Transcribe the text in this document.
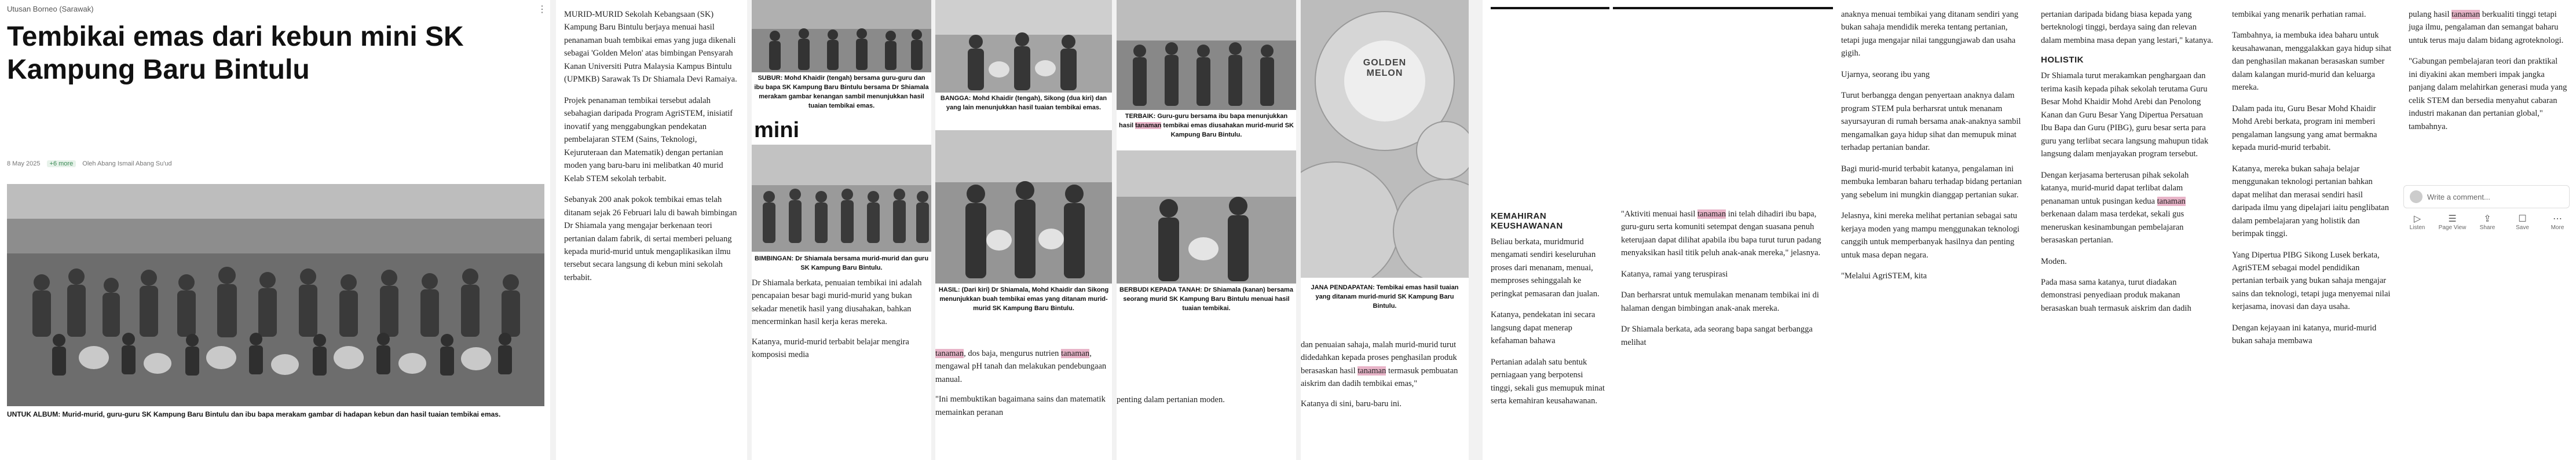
Utusan Borneo (Sarawak)	⋮
Tembikai emas dari kebun mini SK Kampung Baru Bintulu
8 May 2025 +6 more Oleh Abang Ismail Abang Su'ud
UNTUK ALBUM: Murid-murid, guru-guru SK Kampung Baru Bintulu dan ibu bapa merakam gambar di hadapan kebun dan hasil tuaian tembikai emas.

MURID-MURID Sekolah Kebangsaan (SK) Kampung Baru Bintulu berjaya menuai hasil penanaman buah tembikai emas yang juga dikenali sebagai 'Golden Melon' atas bimbingan Pensyarah Kanan Universiti Putra Malaysia Kampus Bintulu (UPMKB) Sarawak Ts Dr Shiamala Devi Ramaiya.

Projek penanaman tembikai tersebut adalah sebahagian daripada Program AgriSTEM, inisiatif inovatif yang menggabungkan pendekatan pembelajaran STEM (Sains, Teknologi, Kejuruteraan dan Matematik) dengan pertanian moden yang baru-baru ini melibatkan 40 murid Kelab STEM sekolah terbabit.

Sebanyak 200 anak pokok tembikai emas telah ditanam sejak 26 Februari lalu di bawah bimbingan Dr Shiamala yang mengajar berkenaan teori pertanian dalam fabrik, di sertai memberi peluang kepada murid-murid untuk mengaplikasikan ilmu tersebut secara langsung di kebun mini sekolah terbabit.

SUBUR: Mohd Khaidir (tengah) bersama guru-guru dan ibu bapa SK Kampung Baru Bintulu bersama Dr Shiamala merakam gambar kenangan sambil menunjukkan hasil tuaian tembikai emas.
mini
BIMBINGAN: Dr Shiamala bersama murid-murid dan guru SK Kampung Baru Bintulu.

Dr Shiamala berkata, penuaian tembikai ini adalah pencapaian besar bagi murid-murid yang bukan sekadar menetik hasil yang diusahakan, bahkan mencerminkan hasil kerja keras mereka.

Katanya, murid-murid terbabit belajar mengira komposisi media

BANGGA: Mohd Khaidir (tengah), Sikong (dua kiri) dan yang lain menunjukkan hasil tuaian tembikai emas.
HASIL: (Dari kiri) Dr Shiamala, Mohd Khaidir dan Sikong menunjukkan buah tembikai emas yang ditanam murid-murid SK Kampung Baru Bintulu.

tanaman, dos baja, mengurus nutrien tanaman, mengawal pH tanah dan melakukan pendebungaan manual.

"Ini membuktikan bagaimana sains dan matematik memainkan peranan

TERBAIK: Guru-guru bersama ibu bapa menunjukkan hasil tanaman tembikai emas diusahakan murid-murid SK Kampung Baru Bintulu.
BERBUDI KEPADA TANAH: Dr Shiamala (kanan) bersama seorang murid SK Kampung Baru Bintulu menuai hasil tuaian tembikai.

penting dalam pertanian moden.

GOLDEN MELON
JANA PENDAPATAN: Tembikai emas hasil tuaian yang ditanam murid-murid SK Kampung Baru Bintulu.

dan penuaian sahaja, malah murid-murid turut didedahkan kepada proses penghasilan produk berasaskan hasil tanaman termasuk pembuatan aiskrim dan dadih tembikai emas,"

Katanya di sini, baru-baru ini.

KEMAHIRAN KEUSHAWANAN

Beliau berkata, muridmurid mengamati sendiri keseluruhan proses dari menanam, menuai, memproses sehinggalah ke peringkat pemasaran dan jualan.

Katanya, pendekatan ini secara langsung dapat menerap kefahaman bahawa

Pertanian adalah satu bentuk perniagaan yang berpotensi tinggi, sekali gus memupuk minat serta kemahiran keusahawanan.

"Aktiviti menuai hasil tanaman ini telah dihadiri ibu bapa, guru-guru serta komuniti setempat dengan suasana penuh keterujaan dapat dilihat apabila ibu bapa turut turun padang menyaksikan hasil titik peluh anak-anak mereka," jelasnya.

Katanya, ramai yang teruspirasi

Dan berharsrat untuk memulakan menanam tembikai ini di halaman dengan bimbingan anak-anak mereka.

Dr Shiamala berkata, ada seorang bapa sangat berbangga melihat

anaknya menuai tembikai yang ditanam sendiri yang bukan sahaja mendidik mereka tentang pertanian, tetapi juga mengajar nilai tanggungjawab dan usaha gigih.

Ujarnya, seorang ibu yang

Turut berbangga dengan penyertaan anaknya dalam program STEM pula berharsrat untuk menanam sayursayuran di rumah bersama anak-anaknya sambil mengamalkan gaya hidup sihat dan memupuk minat terhadap pertanian bandar.

Bagi murid-murid terbabit katanya, pengalaman ini membuka lembaran baharu terhadap bidang pertanian yang sebelum ini mungkin dianggap pertanian sukar.

Jelasnya, kini mereka melihat pertanian sebagai satu kerjaya moden yang mampu menggunakan teknologi canggih untuk memperbanyak hasilnya dan penting untuk masa depan negara.

"Melalui AgriSTEM, kita

pertanian daripada bidang biasa kepada yang berteknologi tinggi, berdaya saing dan relevan dalam membina masa depan yang lestari," katanya.

HOLISTIK

Dr Shiamala turut merakamkan penghargaan dan terima kasih kepada pihak sekolah terutama Guru Besar Mohd Khaidir Mohd Arebi dan Penolong Kanan dan Guru Besar Yang Dipertua Persatuan Ibu Bapa dan Guru (PIBG), guru besar serta para guru yang terlibat secara langsung mahupun tidak langsung dalam menjayakan program tersebut.

Dengan kerjasama berterusan pihak sekolah katanya, murid-murid dapat terlibat dalam penanaman untuk pusingan kedua tanaman berkenaan dalam masa terdekat, sekali gus meneruskan kesinambungan pembelajaran berasaskan pertanian.

Moden.

Pada masa sama katanya, turut diadakan demonstrasi penyediaan produk makanan berasaskan buah termasuk aiskrim dan dadih

tembikai yang menarik perhatian ramai.

Tambahnya, ia membuka idea baharu untuk keusahawanan, menggalakkan gaya hidup sihat dan penghasilan makanan berasaskan sumber dalam kalangan murid-murid dan keluarga mereka.

Dalam pada itu, Guru Besar Mohd Khaidir Mohd Arebi berkata, program ini memberi pengalaman langsung yang amat bermakna kepada murid-murid terbabit.

Katanya, mereka bukan sahaja belajar menggunakan teknologi pertanian bahkan dapat melihat dan merasai sendiri hasil daripada ilmu yang dipelajari iaitu penglibatan dalam pembelajaran yang holistik dan berimpak tinggi.

Yang Dipertua PIBG Sikong Lusek berkata, AgriSTEM sebagai model pendidikan pertanian terbaik yang bukan sahaja mengajar sains dan teknologi, tetapi juga menyemai nilai kerjasama, inovasi dan daya usaha.

Dengan kejayaan ini katanya, murid-murid bukan sahaja membawa

pulang hasil tanaman berkualiti tinggi tetapi juga ilmu, pengalaman dan semangat baharu untuk terus maju dalam bidang agroteknologi.

"Gabungan pembelajaran teori dan praktikal ini diyakini akan memberi impak jangka panjang dalam melahirkan generasi muda yang celik STEM dan bersedia menyahut cabaran industri makanan dan pertanian global," tambahnya.

Write a comment...
▷
Listen
☰
Page View
⇪
Share
☐
Save
⋯
More
